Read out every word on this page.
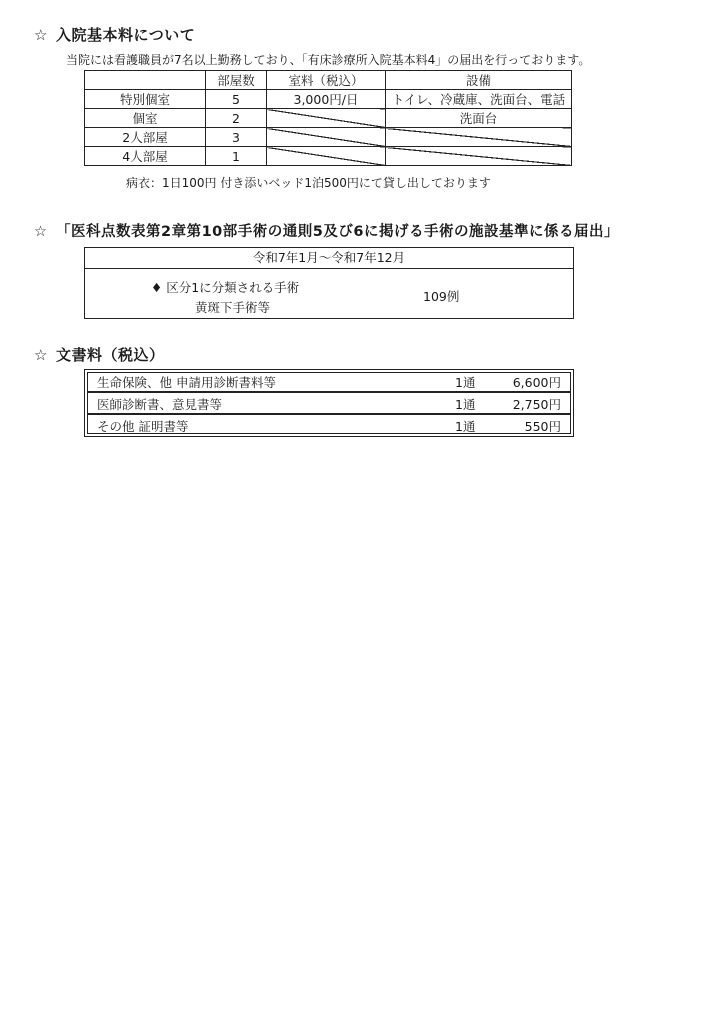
☆ 入院基本料について
当院には看護職員が7名以上勤務しており、「有床診療所入院基本料4」の届出を行っております。
	部屋数	室料（税込）	設備
特別個室	5	3,000円/日	トイレ、冷蔵庫、洗面台、電話
個室	2		洗面台
2人部屋	3		
4人部屋	1		
病衣：1日100円 付き添いベッド1泊500円にて貸し出しております
☆ 「医科点数表第2章第10部手術の通則5及び6に掲げる手術の施設基準に係る届出」
令和7年1月～令和7年12月
♦ 区分1に分類される手術
黄斑下手術等
109例
☆ 文書料（税込）
生命保険、他 申請用診断書料等	1通	6,600円
医師診断書、意見書等	1通	2,750円
その他 証明書等	1通	550円
